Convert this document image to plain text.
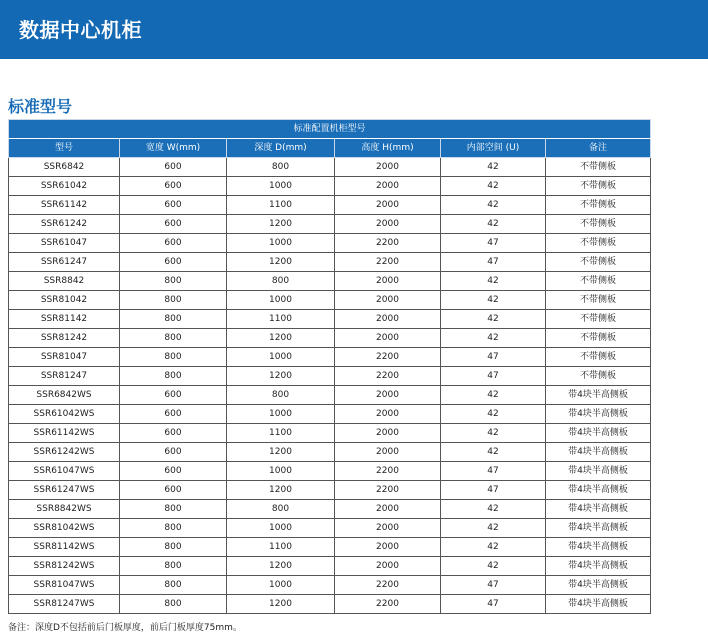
数据中心机柜
标准型号
标准配置机柜型号					
型号	宽度 W(mm)	深度 D(mm)	高度 H(mm)	内部空间 (U)	备注
SSR6842	600	800	2000	42	不带侧板
SSR61042	600	1000	2000	42	不带侧板
SSR61142	600	1100	2000	42	不带侧板
SSR61242	600	1200	2000	42	不带侧板
SSR61047	600	1000	2200	47	不带侧板
SSR61247	600	1200	2200	47	不带侧板
SSR8842	800	800	2000	42	不带侧板
SSR81042	800	1000	2000	42	不带侧板
SSR81142	800	1100	2000	42	不带侧板
SSR81242	800	1200	2000	42	不带侧板
SSR81047	800	1000	2200	47	不带侧板
SSR81247	800	1200	2200	47	不带侧板
SSR6842WS	600	800	2000	42	带4块半高侧板
SSR61042WS	600	1000	2000	42	带4块半高侧板
SSR61142WS	600	1100	2000	42	带4块半高侧板
SSR61242WS	600	1200	2000	42	带4块半高侧板
SSR61047WS	600	1000	2200	47	带4块半高侧板
SSR61247WS	600	1200	2200	47	带4块半高侧板
SSR8842WS	800	800	2000	42	带4块半高侧板
SSR81042WS	800	1000	2000	42	带4块半高侧板
SSR81142WS	800	1100	2000	42	带4块半高侧板
SSR81242WS	800	1200	2000	42	带4块半高侧板
SSR81047WS	800	1000	2200	47	带4块半高侧板
SSR81247WS	800	1200	2200	47	带4块半高侧板
备注：深度D不包括前后门板厚度，前后门板厚度75mm。
